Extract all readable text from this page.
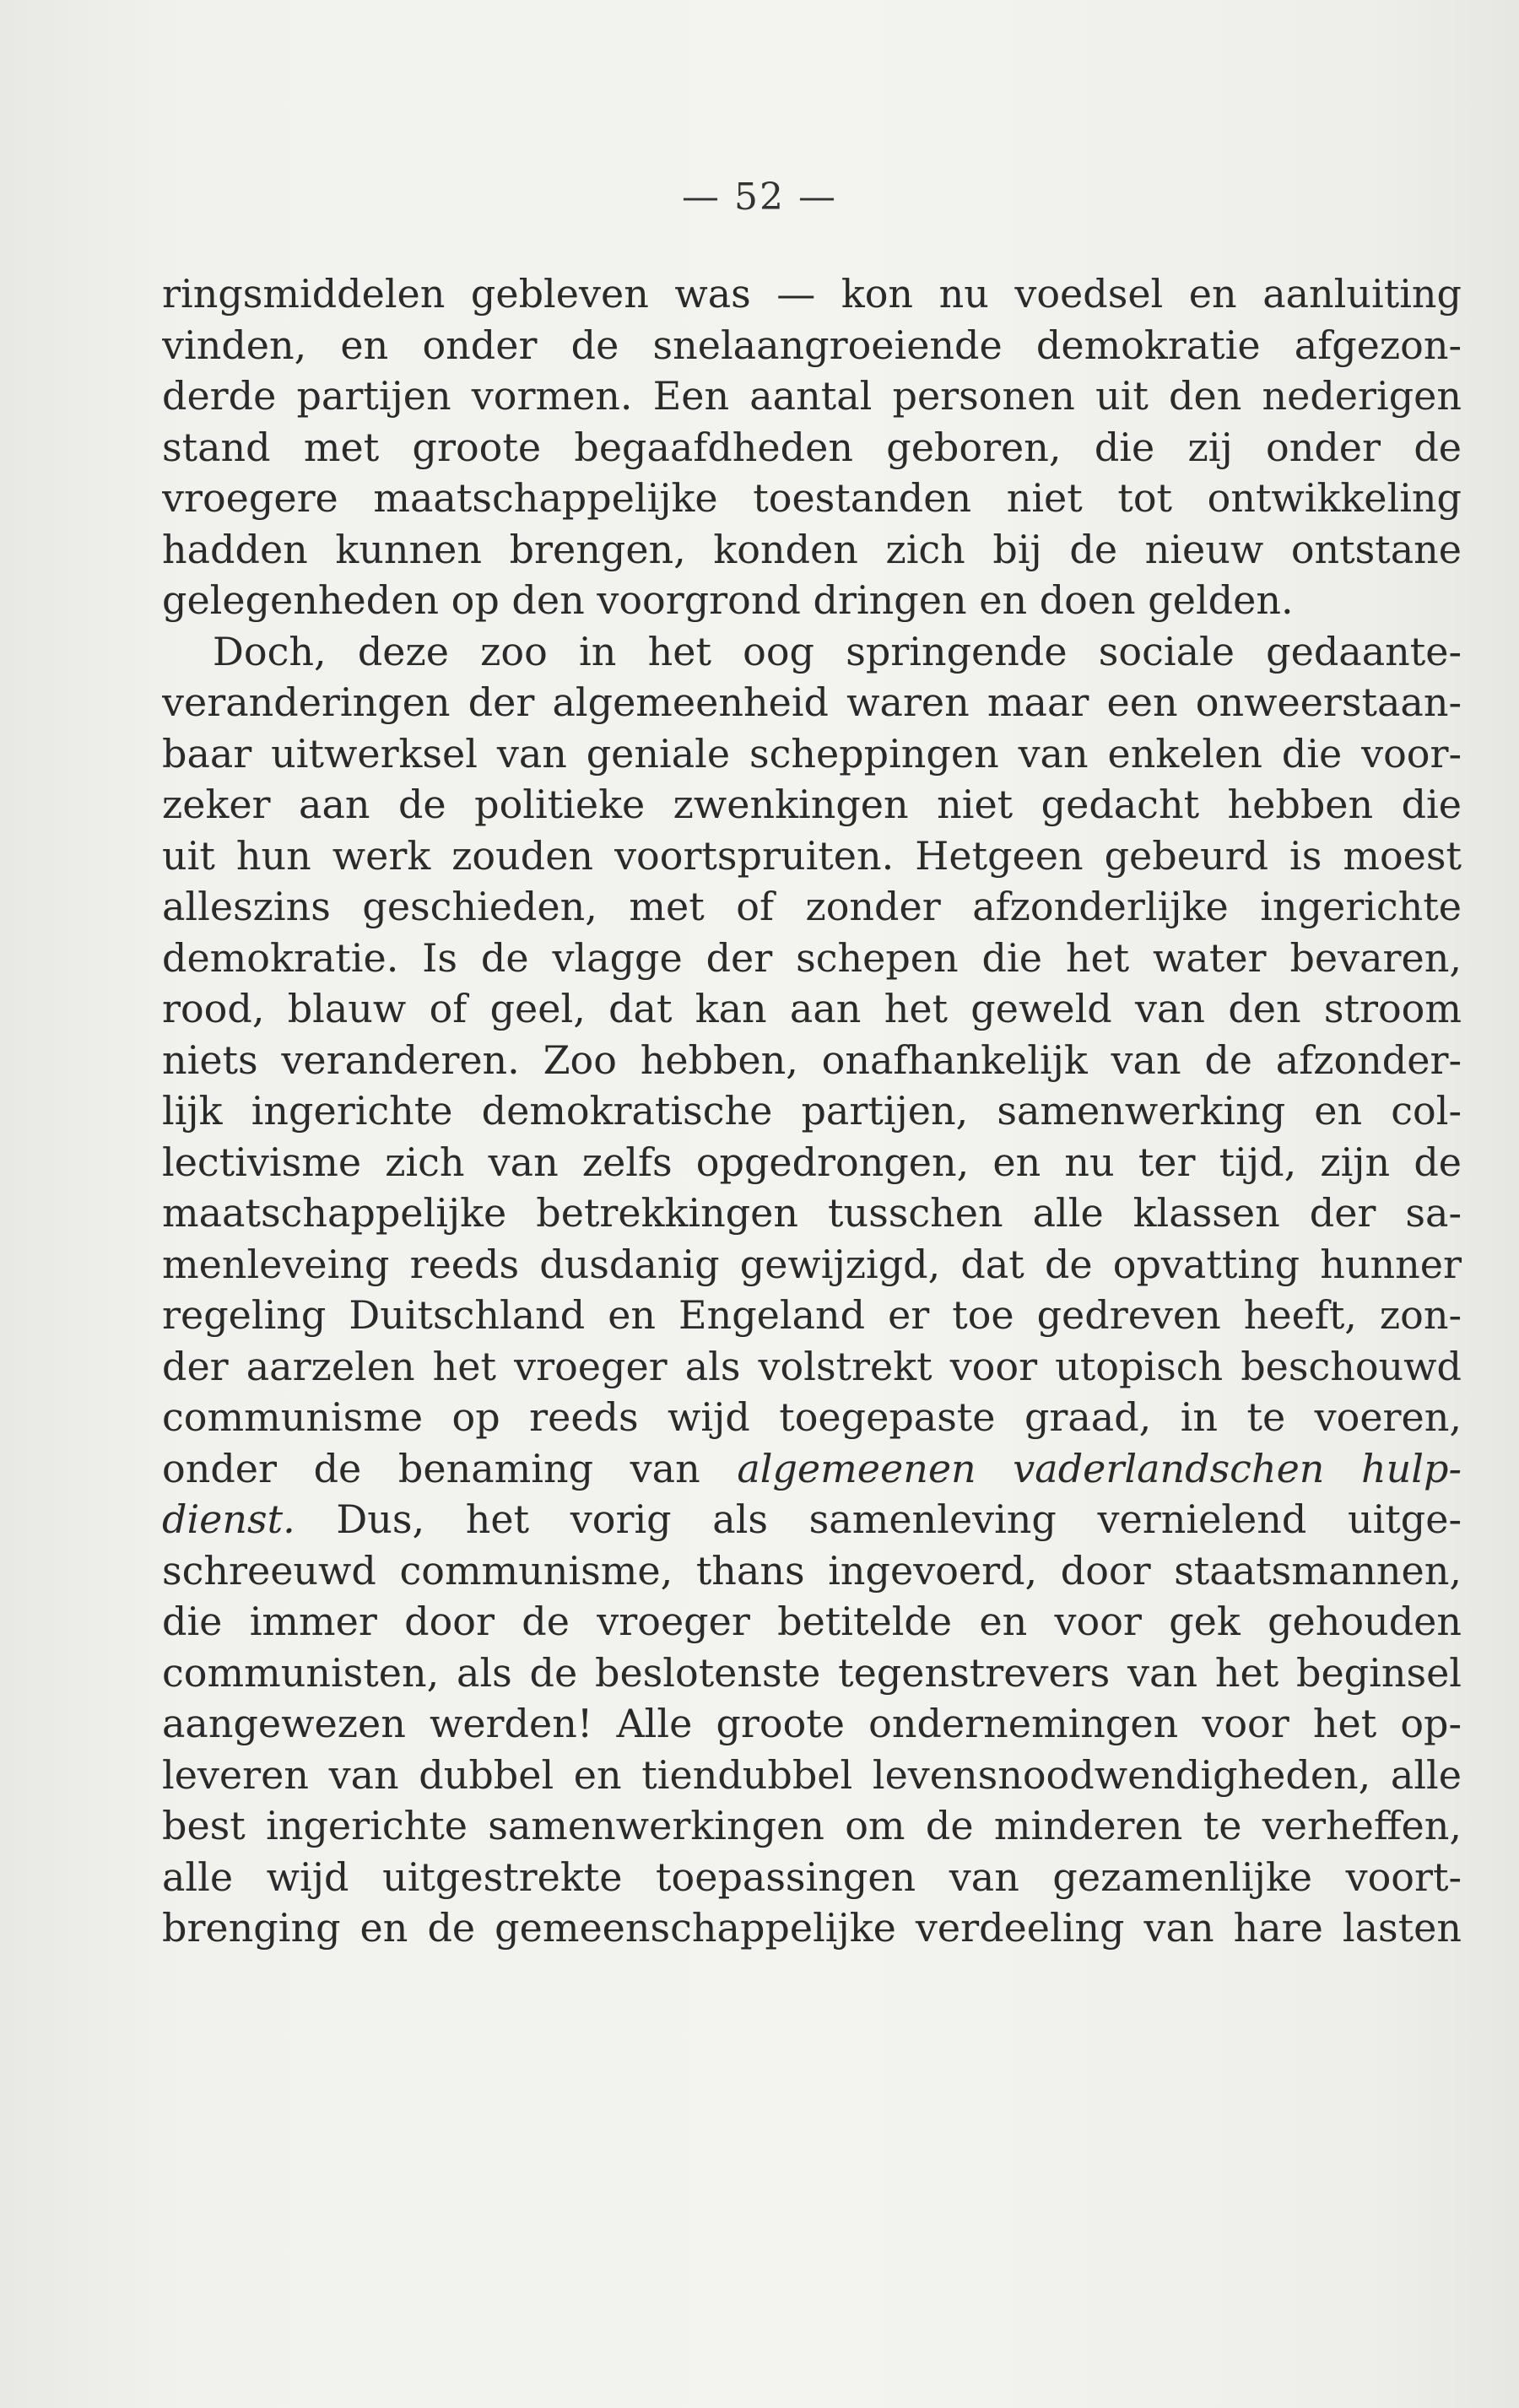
— 52 —
ringsmiddelen gebleven was — kon nu voedsel en aanluiting
vinden, en onder de snelaangroeiende demokratie afgezon-
derde partijen vormen. Een aantal personen uit den nederigen
stand met groote begaafdheden geboren, die zij onder de
vroegere maatschappelijke toestanden niet tot ontwikkeling
hadden kunnen brengen, konden zich bij de nieuw ontstane
gelegenheden op den voorgrond dringen en doen gelden.
Doch, deze zoo in het oog springende sociale gedaante-
veranderingen der algemeenheid waren maar een onweerstaan-
baar uitwerksel van geniale scheppingen van enkelen die voor-
zeker aan de politieke zwenkingen niet gedacht hebben die
uit hun werk zouden voortspruiten. Hetgeen gebeurd is moest
alleszins geschieden, met of zonder afzonderlijke ingerichte
demokratie. Is de vlagge der schepen die het water bevaren,
rood, blauw of geel, dat kan aan het geweld van den stroom
niets veranderen. Zoo hebben, onafhankelijk van de afzonder-
lijk ingerichte demokratische partijen, samenwerking en col-
lectivisme zich van zelfs opgedrongen, en nu ter tijd, zijn de
maatschappelijke betrekkingen tusschen alle klassen der sa-
menleveing reeds dusdanig gewijzigd, dat de opvatting hunner
regeling Duitschland en Engeland er toe gedreven heeft, zon-
der aarzelen het vroeger als volstrekt voor utopisch beschouwd
communisme op reeds wijd toegepaste graad, in te voeren,
onder de benaming van algemeenen vaderlandschen hulp-
dienst. Dus, het vorig als samenleving vernielend uitge-
schreeuwd communisme, thans ingevoerd, door staatsmannen,
die immer door de vroeger betitelde en voor gek gehouden
communisten, als de beslotenste tegenstrevers van het beginsel
aangewezen werden! Alle groote ondernemingen voor het op-
leveren van dubbel en tiendubbel levensnoodwendigheden, alle
best ingerichte samenwerkingen om de minderen te verheffen,
alle wijd uitgestrekte toepassingen van gezamenlijke voort-
brenging en de gemeenschappelijke verdeeling van hare lasten
